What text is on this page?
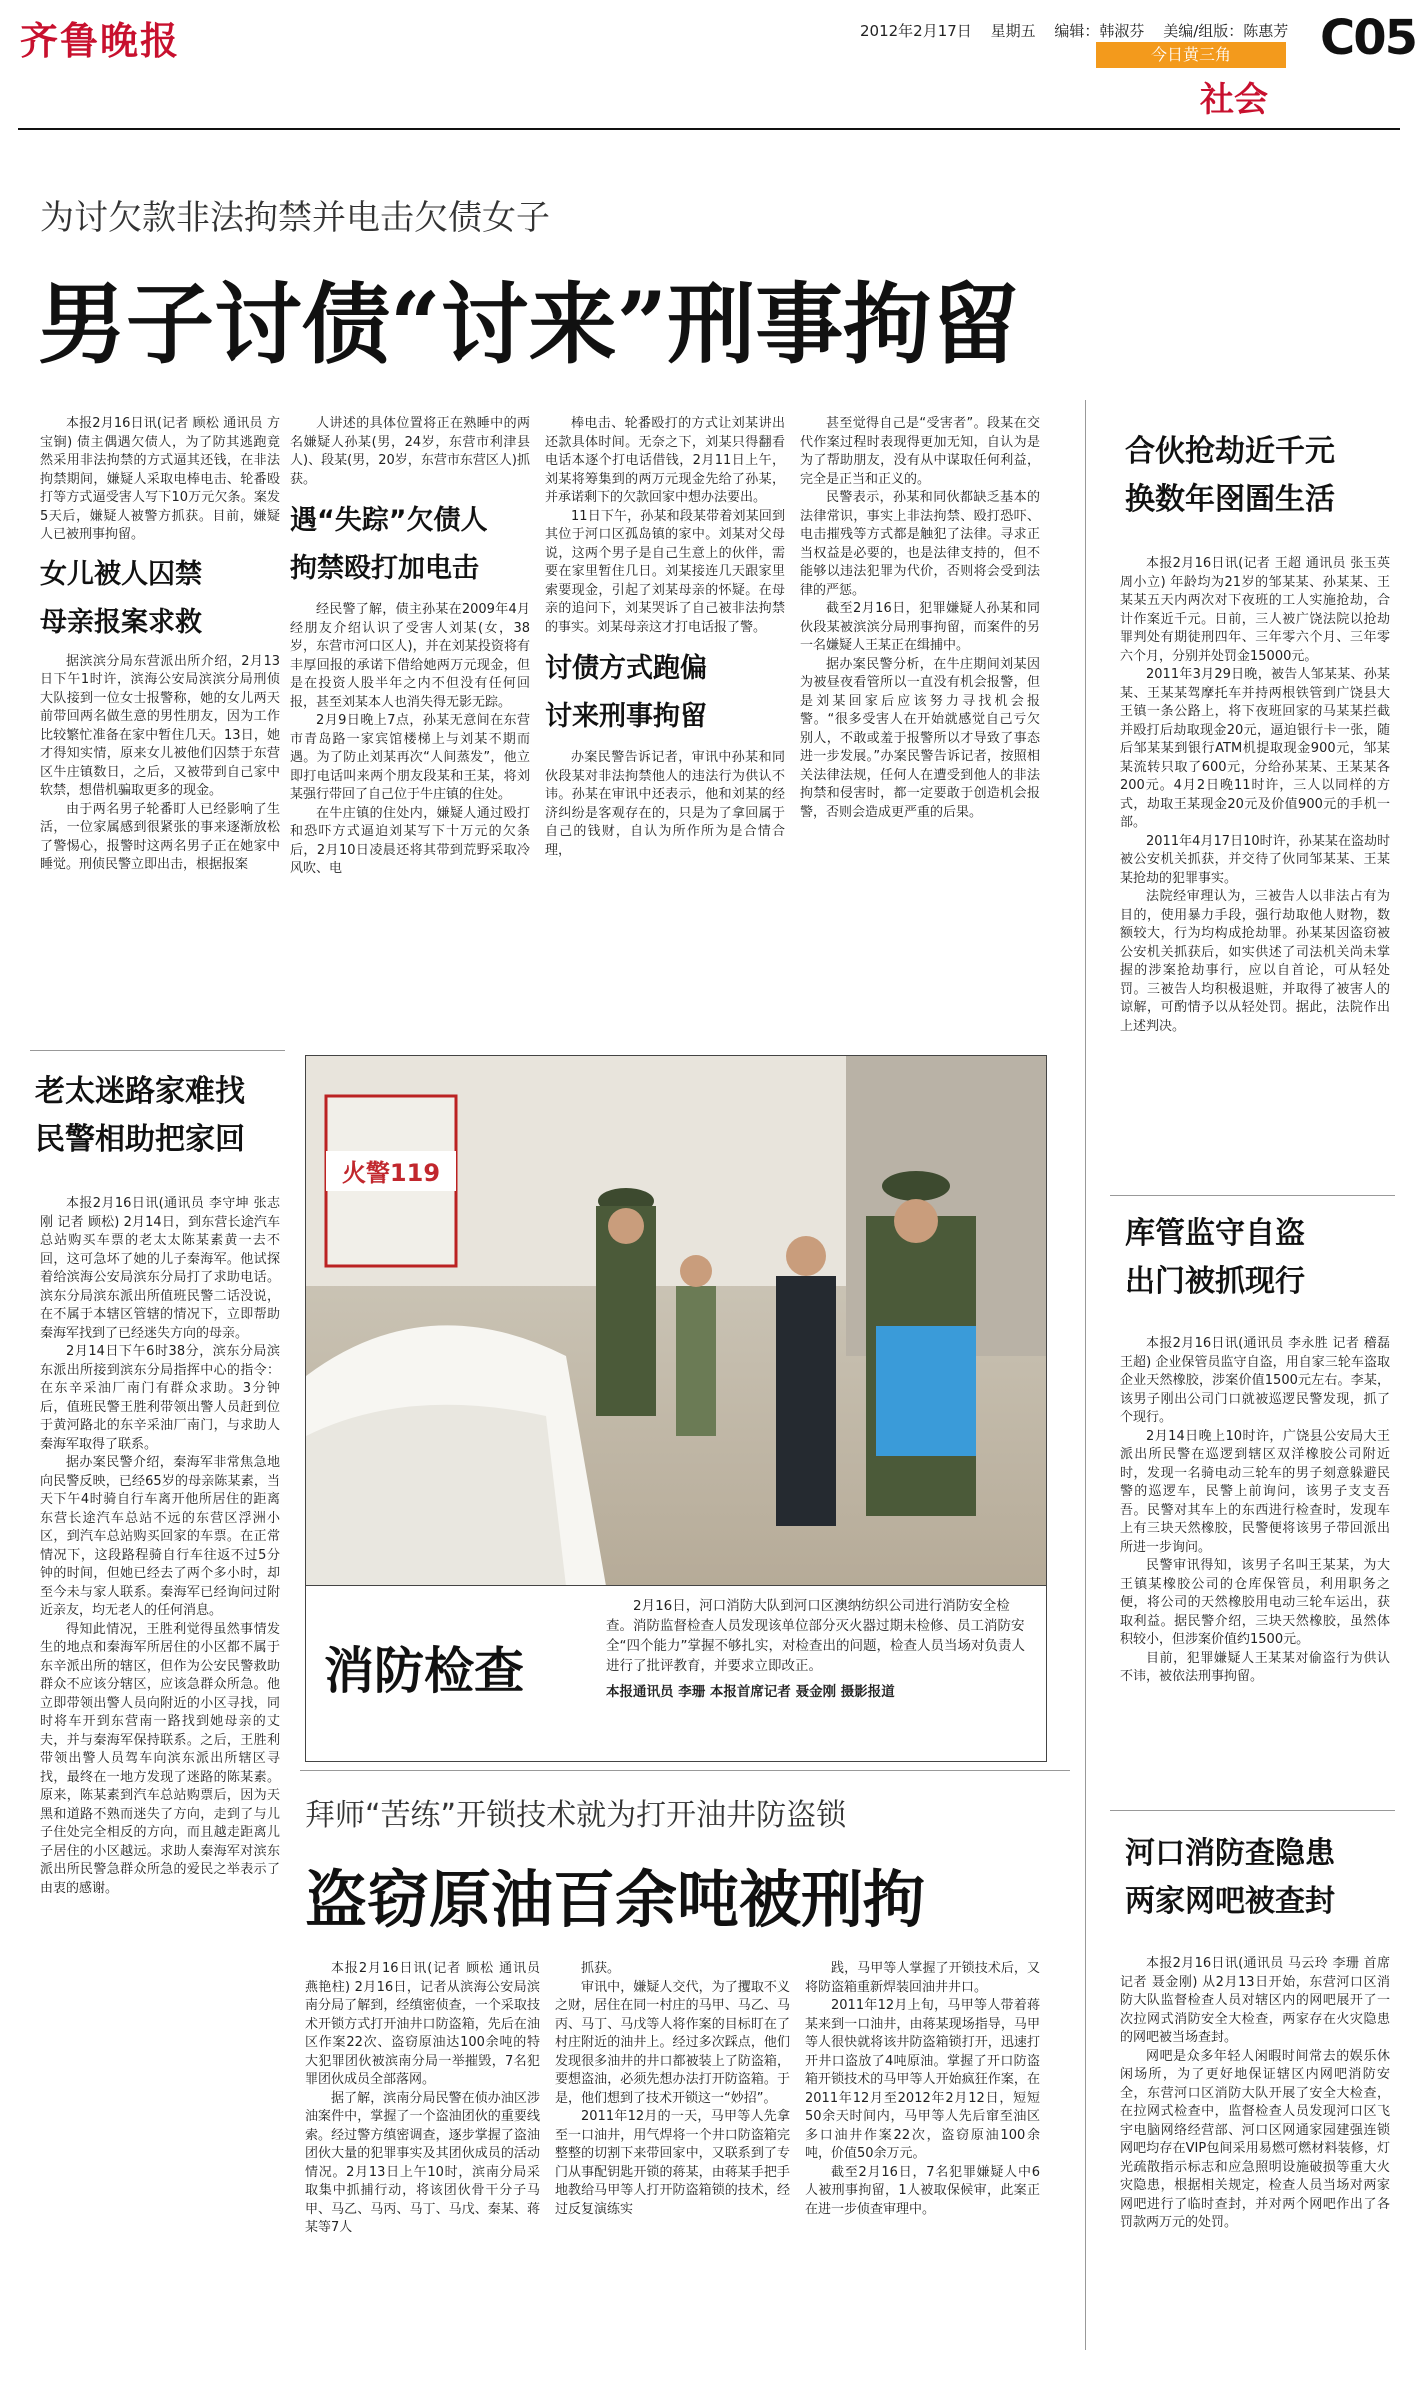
齐鲁晚报	2012年2月17日 星期五 编辑：韩淑芬 美编/组版：陈惠芳 C05
今日黄三角
社会
为讨欠款非法拘禁并电击欠债女子
男子讨债“讨来”刑事拘留

本报2月16日讯(记者 顾松 通讯员 方宝锏) 债主偶遇欠债人，为了防其逃跑竟然采用非法拘禁的方式逼其还钱，在非法拘禁期间，嫌疑人采取电棒电击、轮番殴打等方式逼受害人写下10万元欠条。案发5天后，嫌疑人被警方抓获。目前，嫌疑人已被刑事拘留。

女儿被人囚禁
母亲报案求救

据滨滨分局东营派出所介绍，2月13日下午1时许，滨海公安局滨滨分局刑侦大队接到一位女士报警称，她的女儿两天前带回两名做生意的男性朋友，因为工作比较繁忙准备在家中暂住几天。13日，她才得知实情，原来女儿被他们囚禁于东营区牛庄镇数日，之后，又被带到自己家中软禁，想借机骗取更多的现金。

由于两名男子轮番盯人已经影响了生活，一位家属感到很紧张的事来逐渐放松了警惕心，报警时这两名男子正在她家中睡觉。刑侦民警立即出击，根据报案

人讲述的具体位置将正在熟睡中的两名嫌疑人孙某(男，24岁，东营市利津县人)、段某(男，20岁，东营市东营区人)抓获。

遇“失踪”欠债人
拘禁殴打加电击

经民警了解，债主孙某在2009年4月经朋友介绍认识了受害人刘某(女，38岁，东营市河口区人)，并在刘某投资将有丰厚回报的承诺下借给她两万元现金，但是在投资人股半年之内不但没有任何回报，甚至刘某本人也消失得无影无踪。

2月9日晚上7点，孙某无意间在东营市青岛路一家宾馆楼梯上与刘某不期而遇。为了防止刘某再次“人间蒸发”，他立即打电话叫来两个朋友段某和王某，将刘某强行带回了自己位于牛庄镇的住处。

在牛庄镇的住处内，嫌疑人通过殴打和恐吓方式逼迫刘某写下十万元的欠条后，2月10日凌晨还将其带到荒野采取冷风吹、电

棒电击、轮番殴打的方式让刘某讲出还款具体时间。无奈之下，刘某只得翻看电话本逐个打电话借钱，2月11日上午，刘某将筹集到的两万元现金先给了孙某，并承诺剩下的欠款回家中想办法要出。

11日下午，孙某和段某带着刘某回到其位于河口区孤岛镇的家中。刘某对父母说，这两个男子是自己生意上的伙伴，需要在家里暂住几日。刘某接连几天跟家里索要现金，引起了刘某母亲的怀疑。在母亲的追问下，刘某哭诉了自己被非法拘禁的事实。刘某母亲这才打电话报了警。

讨债方式跑偏
讨来刑事拘留

办案民警告诉记者，审讯中孙某和同伙段某对非法拘禁他人的违法行为供认不讳。孙某在审讯中还表示，他和刘某的经济纠纷是客观存在的，只是为了拿回属于自己的钱财，自认为所作所为是合情合理，

甚至觉得自己是“受害者”。段某在交代作案过程时表现得更加无知，自认为是为了帮助朋友，没有从中谋取任何利益，完全是正当和正义的。

民警表示，孙某和同伙都缺乏基本的法律常识，事实上非法拘禁、殴打恐吓、电击摧残等方式都是触犯了法律。寻求正当权益是必要的，也是法律支持的，但不能够以违法犯罪为代价，否则将会受到法律的严惩。

截至2月16日，犯罪嫌疑人孙某和同伙段某被滨滨分局刑事拘留，而案件的另一名嫌疑人王某正在缉捕中。

据办案民警分析，在牛庄期间刘某因为被昼夜看管所以一直没有机会报警，但是刘某回家后应该努力寻找机会报警。“很多受害人在开始就感觉自己亏欠别人，不敢或羞于报警所以才导致了事态进一步发展。”办案民警告诉记者，按照相关法律法规，任何人在遭受到他人的非法拘禁和侵害时，都一定要敢于创造机会报警，否则会造成更严重的后果。

合伙抢劫近千元
换数年囹圄生活

本报2月16日讯(记者 王超 通讯员 张玉英 周小立) 年龄均为21岁的邹某某、孙某某、王某某五天内两次对下夜班的工人实施抢劫，合计作案近千元。日前，三人被广饶法院以抢劫罪判处有期徒刑四年、三年零六个月、三年零六个月，分别并处罚金15000元。

2011年3月29日晚，被告人邹某某、孙某某、王某某驾摩托车并持两根铁管到广饶县大王镇一条公路上，将下夜班回家的马某某拦截并殴打后劫取现金20元，逼迫银行卡一张，随后邹某某到银行ATM机提取现金900元，邹某某流转只取了600元，分给孙某某、王某某各200元。4月2日晚11时许，三人以同样的方式，劫取王某现金20元及价值900元的手机一部。

2011年4月17日10时许，孙某某在盗劫时被公安机关抓获，并交待了伙同邹某某、王某某抢劫的犯罪事实。

法院经审理认为，三被告人以非法占有为目的，使用暴力手段，强行劫取他人财物，数额较大，行为均构成抢劫罪。孙某某因盗窃被公安机关抓获后，如实供述了司法机关尚未掌握的涉案抢劫事行，应以自首论，可从轻处罚。三被告人均积极退赃，并取得了被害人的谅解，可酌情予以从轻处罚。据此，法院作出上述判决。

老太迷路家难找
民警相助把家回

本报2月16日讯(通讯员 李守坤 张志刚 记者 顾松) 2月14日，到东营长途汽车总站购买车票的老太太陈某素黄一去不回，这可急坏了她的儿子秦海军。他试探着给滨海公安局滨东分局打了求助电话。滨东分局滨东派出所值班民警二话没说，在不属于本辖区管辖的情况下，立即帮助秦海军找到了已经迷失方向的母亲。

2月14日下午6时38分，滨东分局滨东派出所接到滨东分局指挥中心的指令：在东辛采油厂南门有群众求助。3分钟后，值班民警王胜利带领出警人员赶到位于黄河路北的东辛采油厂南门，与求助人秦海军取得了联系。

据办案民警介绍，秦海军非常焦急地向民警反映，已经65岁的母亲陈某素，当天下午4时骑自行车离开他所居住的距离东营长途汽车总站不远的东营区浮洲小区，到汽车总站购买回家的车票。在正常情况下，这段路程骑自行车往返不过5分钟的时间，但她已经去了两个多小时，却至今未与家人联系。秦海军已经询问过附近亲友，均无老人的任何消息。

得知此情况，王胜利觉得虽然事情发生的地点和秦海军所居住的小区都不属于东辛派出所的辖区，但作为公安民警救助群众不应该分辖区，应该急群众所急。他立即带领出警人员向附近的小区寻找，同时将车开到东营南一路找到她母亲的丈夫，并与秦海军保持联系。之后，王胜利带领出警人员驾车向滨东派出所辖区寻找，最终在一地方发现了迷路的陈某素。原来，陈某素到汽车总站购票后，因为天黑和道路不熟而迷失了方向，走到了与儿子住处完全相反的方向，而且越走距离儿子居住的小区越远。求助人秦海军对滨东派出所民警急群众所急的爱民之举表示了由衷的感谢。

火警119
消防检查
2月16日，河口消防大队到河口区澳纳纺织公司进行消防安全检查。消防监督检查人员发现该单位部分灭火器过期未检修、员工消防安全“四个能力”掌握不够扎实，对检查出的问题，检查人员当场对负责人进行了批评教育，并要求立即改正。
本报通讯员 李珊 本报首席记者 聂金刚 摄影报道
库管监守自盗
出门被抓现行

本报2月16日讯(通讯员 李永胜 记者 稽磊 王超) 企业保管员监守自盗，用自家三轮车盗取企业天然橡胶，涉案价值1500元左右。李某，该男子刚出公司门口就被巡逻民警发现，抓了个现行。

2月14日晚上10时许，广饶县公安局大王派出所民警在巡逻到辖区双洋橡胶公司附近时，发现一名骑电动三轮车的男子刻意躲避民警的巡逻车，民警上前询问，该男子支支吾吾。民警对其车上的东西进行检查时，发现车上有三块天然橡胶，民警便将该男子带回派出所进一步询问。

民警审讯得知，该男子名叫王某某，为大王镇某橡胶公司的仓库保管员，利用职务之便，将公司的天然橡胶用电动三轮车运出，获取利益。据民警介绍，三块天然橡胶，虽然体积较小，但涉案价值约1500元。

目前，犯罪嫌疑人王某某对偷盗行为供认不讳，被依法刑事拘留。

拜师“苦练”开锁技术就为打开油井防盗锁
盗窃原油百余吨被刑拘

本报2月16日讯(记者 顾松 通讯员 燕艳柱) 2月16日，记者从滨海公安局滨南分局了解到，经缜密侦查，一个采取技术开锁方式打开油井口防盗箱，先后在油区作案22次、盗窃原油达100余吨的特大犯罪团伙被滨南分局一举摧毁，7名犯罪团伙成员全部落网。

据了解，滨南分局民警在侦办油区涉油案件中，掌握了一个盗油团伙的重要线索。经过警方缜密调查，逐步掌握了盗油团伙大量的犯罪事实及其团伙成员的活动情况。2月13日上午10时，滨南分局采取集中抓捕行动，将该团伙骨干分子马甲、马乙、马丙、马丁、马戊、秦某、蒋某等7人

抓获。

审讯中，嫌疑人交代，为了攫取不义之财，居住在同一村庄的马甲、马乙、马丙、马丁、马戊等人将作案的目标盯在了村庄附近的油井上。经过多次踩点，他们发现很多油井的井口都被装上了防盗箱，要想盗油，必须先想办法打开防盗箱。于是，他们想到了技术开锁这一“妙招”。

2011年12月的一天，马甲等人先拿至一口油井，用气焊将一个井口防盗箱完整整的切割下来带回家中，又联系到了专门从事配钥匙开锁的蒋某，由蒋某手把手地教给马甲等人打开防盗箱锁的技术，经过反复演练实

践，马甲等人掌握了开锁技术后，又将防盗箱重新焊装回油井井口。

2011年12月上旬，马甲等人带着蒋某来到一口油井，由蒋某现场指导，马甲等人很快就将该井防盗箱锁打开，迅速打开井口盗放了4吨原油。掌握了开口防盗箱开锁技术的马甲等人开始疯狂作案，在2011年12月至2012年2月12日，短短50余天时间内，马甲等人先后窜至油区多口油井作案22次，盗窃原油100余吨，价值50余万元。

截至2月16日，7名犯罪嫌疑人中6人被刑事拘留，1人被取保候审，此案正在进一步侦查审理中。

河口消防查隐患
两家网吧被查封

本报2月16日讯(通讯员 马云玲 李珊 首席记者 聂金刚) 从2月13日开始，东营河口区消防大队监督检查人员对辖区内的网吧展开了一次拉网式消防安全大检查，两家存在火灾隐患的网吧被当场查封。

网吧是众多年轻人闲暇时间常去的娱乐休闲场所，为了更好地保证辖区内网吧消防安全，东营河口区消防大队开展了安全大检查，在拉网式检查中，监督检查人员发现河口区飞宇电脑网络经营部、河口区网通家园建强连锁网吧均存在VIP包间采用易燃可燃材料装修，灯光疏散指示标志和应急照明设施破损等重大火灾隐患，根据相关规定，检查人员当场对两家网吧进行了临时查封，并对两个网吧作出了各罚款两万元的处罚。
